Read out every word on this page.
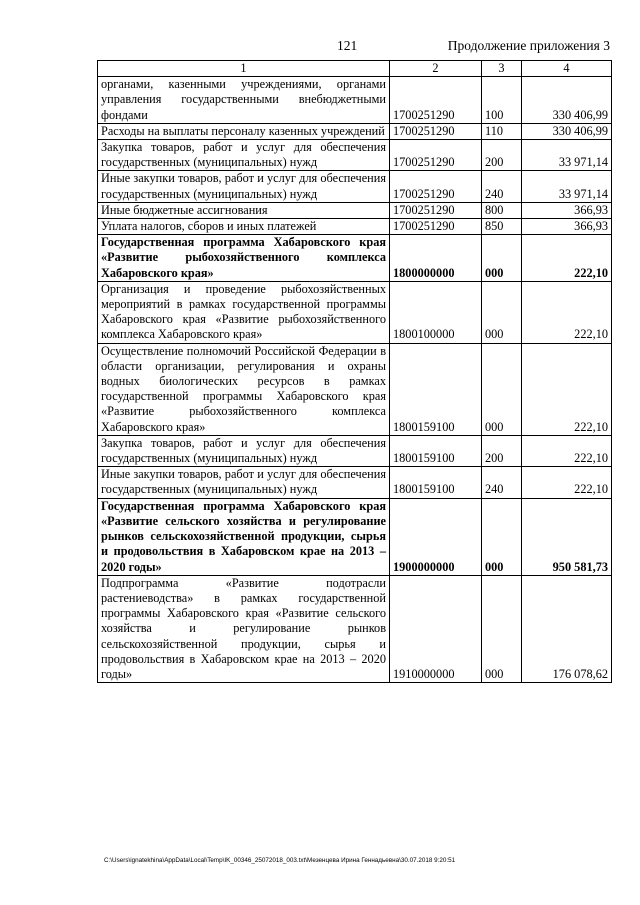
121	Продолжение приложения 3
1	2	3	4
органами, казенными учреждениями, органами управления государственными внебюджетными фондами	1700251290	100	330 406,99
Расходы на выплаты персоналу казенных учреждений	1700251290	110	330 406,99
Закупка товаров, работ и услуг для обеспечения государственных (муниципальных) нужд	1700251290	200	33 971,14
Иные закупки товаров, работ и услуг для обеспечения государственных (муниципальных) нужд	1700251290	240	33 971,14
Иные бюджетные ассигнования	1700251290	800	366,93
Уплата налогов, сборов и иных платежей	1700251290	850	366,93
Государственная программа Хабаровского края «Развитие рыбохозяйственного комплекса Хабаровского края»	1800000000	000	222,10
Организация и проведение рыбохозяйственных мероприятий в рамках государственной программы Хабаровского края «Развитие рыбохозяйственного комплекса Хабаровского края»	1800100000	000	222,10
Осуществление полномочий Российской Федерации в области организации, регулирования и охраны водных биологических ресурсов в рамках государственной программы Хабаровского края «Развитие рыбохозяйственного комплекса Хабаровского края»	1800159100	000	222,10
Закупка товаров, работ и услуг для обеспечения государственных (муниципальных) нужд	1800159100	200	222,10
Иные закупки товаров, работ и услуг для обеспечения государственных (муниципальных) нужд	1800159100	240	222,10
Государственная программа Хабаровского края «Развитие сельского хозяйства и регулирование рынков сельскохозяйственной продукции, сырья и продовольствия в Хабаровском крае на 2013 – 2020 годы»	1900000000	000	950 581,73
Подпрограмма «Развитие подотрасли растениеводства» в рамках государственной программы Хабаровского края «Развитие сельского хозяйства и регулирование рынков сельскохозяйственной продукции, сырья и продовольствия в Хабаровском крае на 2013 – 2020 годы»	1910000000	000	176 078,62
C:\Users\ignatekhina\AppData\Local\Temp\IK_00346_25072018_003.txt\Мезенцева Ирина Геннадьевна\30.07.2018 9:20:51
